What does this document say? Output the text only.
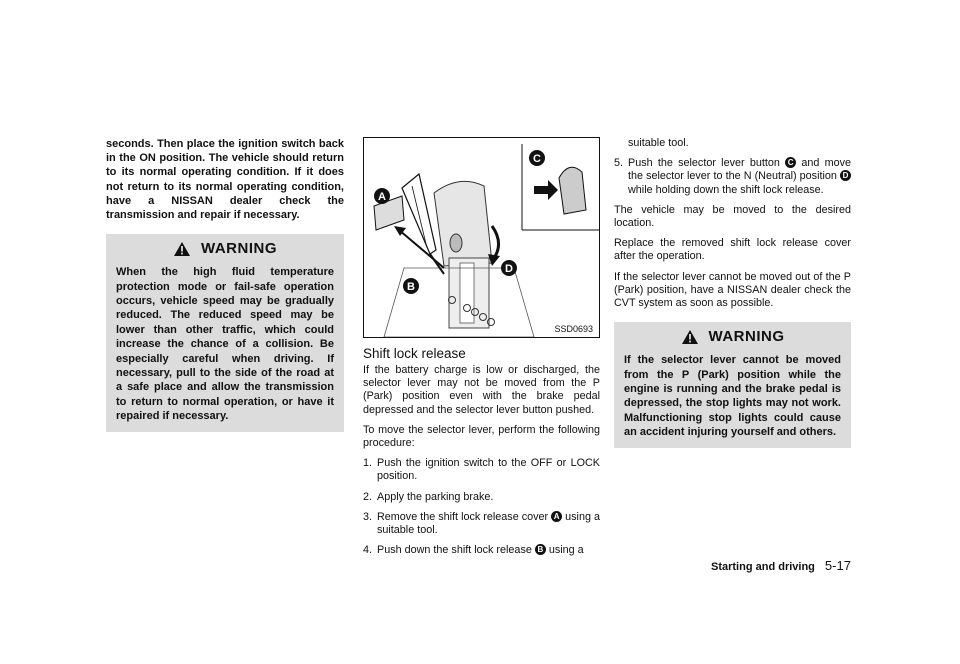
seconds. Then place the ignition switch back in the ON position. The vehicle should return to its normal operating condition. If it does not return to its normal operating condition, have a NISSAN dealer check the transmission and repair if necessary.

WARNING

When the high fluid temperature protection mode or fail-safe operation occurs, vehicle speed may be gradually reduced. The reduced speed may be lower than other traffic, which could increase the chance of a collision. Be especially careful when driving. If necessary, pull to the side of the road at a safe place and allow the transmission to return to normal operation, or have it repaired if necessary.

C
A
B
D
SSD0693
Shift lock release

If the battery charge is low or discharged, the selector lever may not be moved from the P (Park) position even with the brake pedal depressed and the selector lever button pushed.

To move the selector lever, perform the following procedure:

1. Push the ignition switch to the OFF or LOCK position.
2. Apply the parking brake.
3. Remove the shift lock release cover A using a suitable tool.
4. Push down the shift lock release B using a

suitable tool.

5. Push the selector lever button C and move the selector lever to the N (Neutral) position D while holding down the shift lock release.

The vehicle may be moved to the desired location.

Replace the removed shift lock release cover after the operation.

If the selector lever cannot be moved out of the P (Park) position, have a NISSAN dealer check the CVT system as soon as possible.

WARNING

If the selector lever cannot be moved from the P (Park) position while the engine is running and the brake pedal is depressed, the stop lights may not work. Malfunctioning stop lights could cause an accident injuring yourself and others.

Starting and driving 5-17
